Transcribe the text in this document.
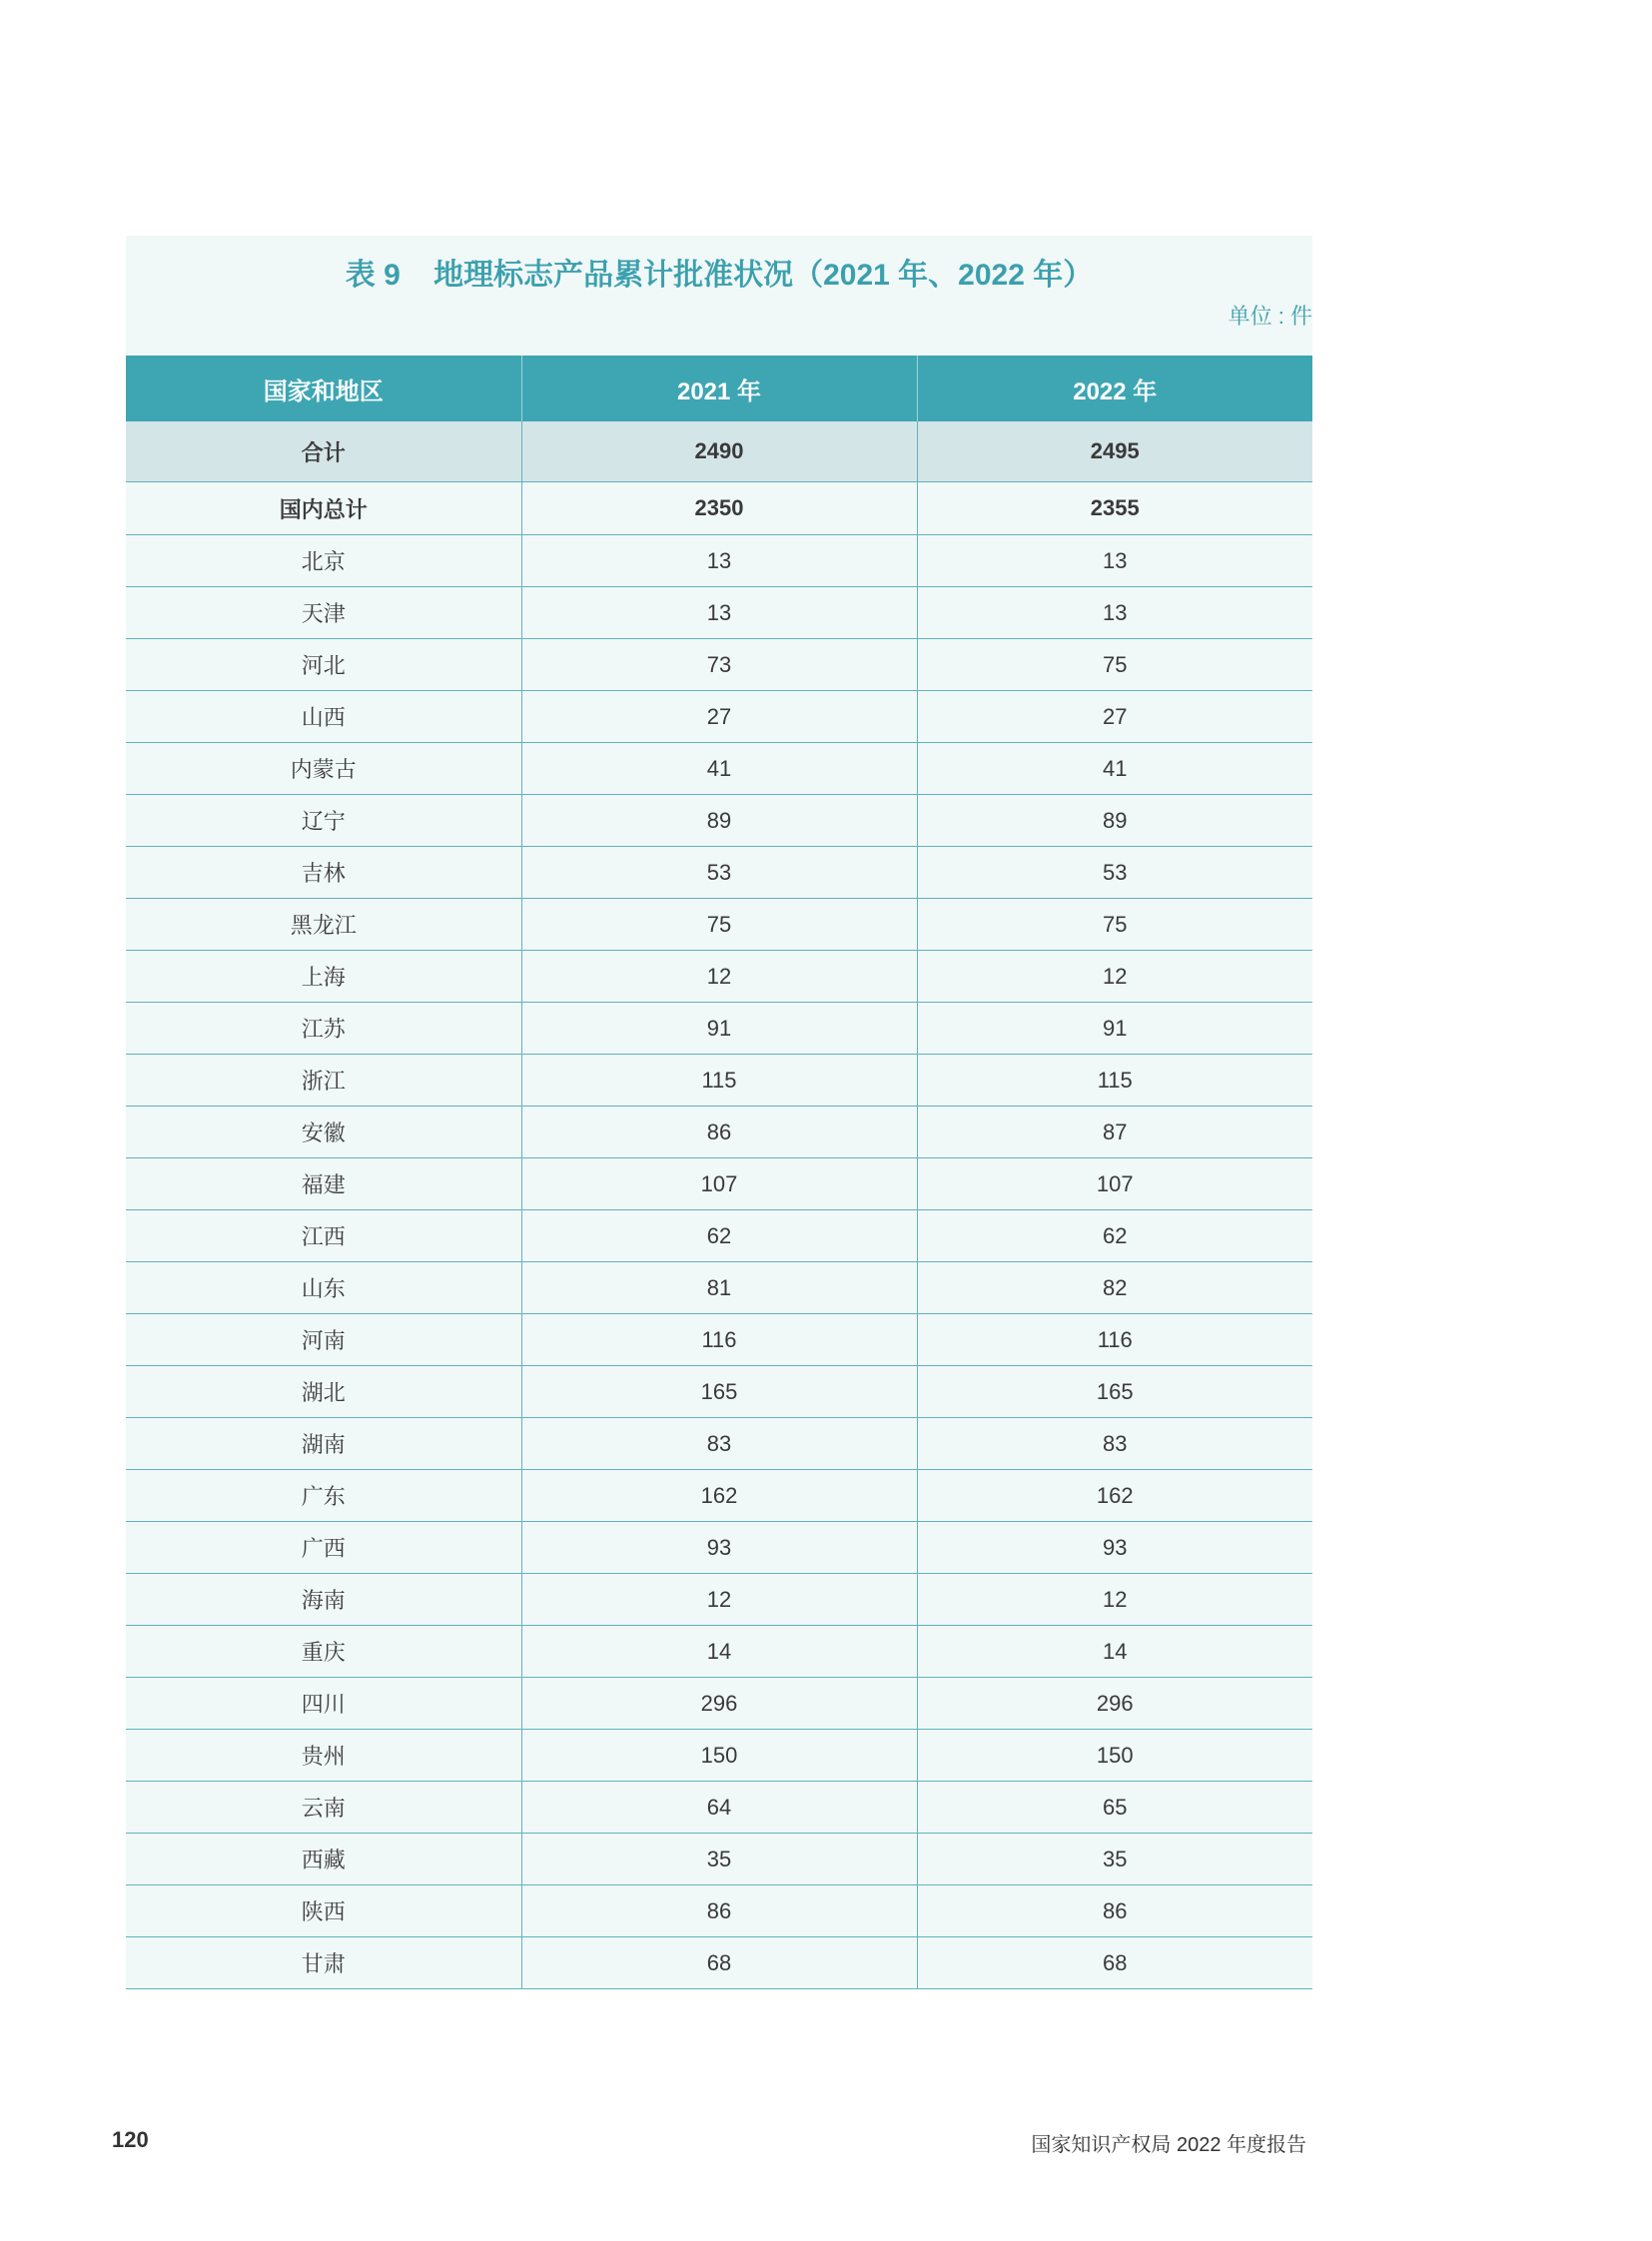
表 9    地理标志产品累计批准状况（2021 年、2022 年）
单位 : 件
国家和地区	2021 年	2022 年
合计	2490	2495
国内总计	2350	2355
北京	13	13
天津	13	13
河北	73	75
山西	27	27
内蒙古	41	41
辽宁	89	89
吉林	53	53
黑龙江	75	75
上海	12	12
江苏	91	91
浙江	115	115
安徽	86	87
福建	107	107
江西	62	62
山东	81	82
河南	116	116
湖北	165	165
湖南	83	83
广东	162	162
广西	93	93
海南	12	12
重庆	14	14
四川	296	296
贵州	150	150
云南	64	65
西藏	35	35
陕西	86	86
甘肃	68	68
120	国家知识产权局 2022 年度报告
